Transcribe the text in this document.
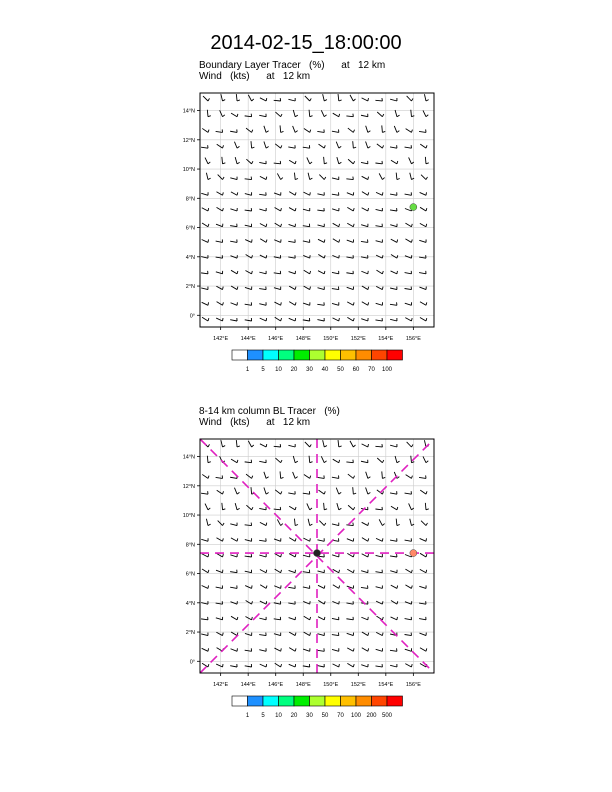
2014-02-15_18:00:00
Boundary Layer Tracer   (%)      at   12 km
Wind   (kts)      at   12 km
142°E 144°E 146°E 148°E 150°E 152°E 154°E 156°E
0°
2°N
4°N
6°N
8°N
10°N
12°N
14°N
1 5 10 20 30 40 50 60 70 100
8-14 km column BL Tracer   (%)
Wind   (kts)      at   12 km
142°E 144°E 146°E 148°E 150°E 152°E 154°E 156°E
0°
2°N
4°N
6°N
8°N
10°N
12°N
14°N
1 5 10 20 30 50 70 100 200 500
